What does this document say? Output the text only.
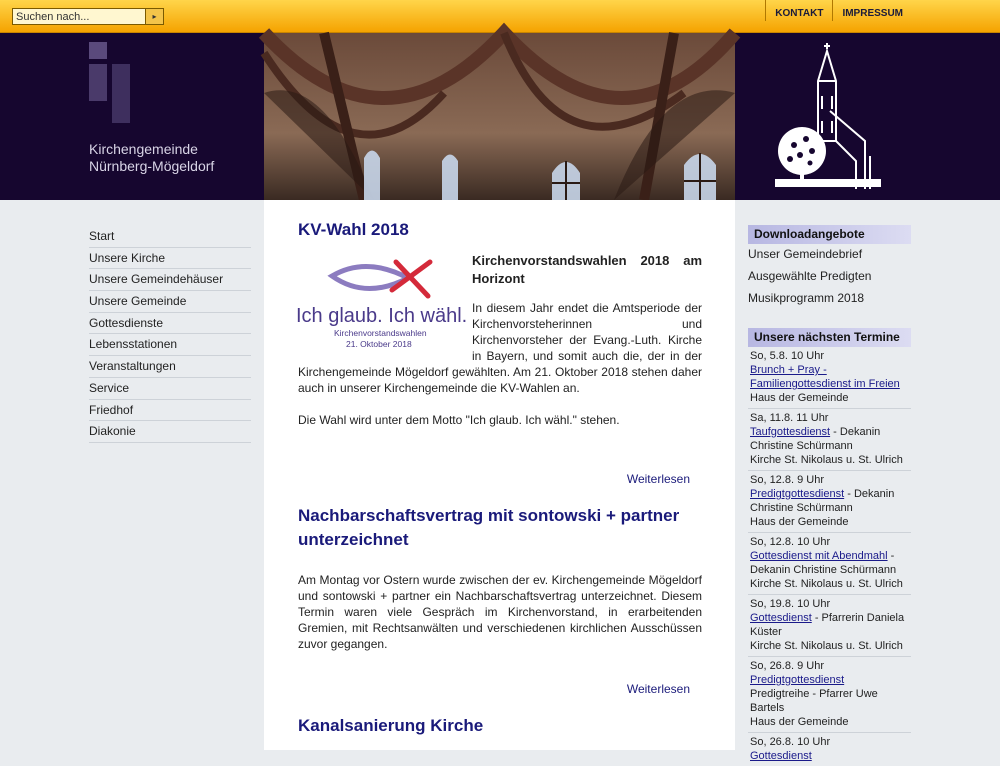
Suchen nach...
▸	KONTAKT	IMPRESSUM
Kirchengemeinde
Nürnberg-Mögeldorf
Start
Unsere Kirche
Unsere Gemeindehäuser
Unsere Gemeinde
Gottesdienste
Lebensstationen
Veranstaltungen
Service
Friedhof
Diakonie
KV-Wahl 2018
Ich glaub. Ich wähl.
Kirchenvorstandswahlen
21. Oktober 2018
Kirchenvorstandswahlen 2018 am Horizont

In diesem Jahr endet die Amtsperiode der Kirchenvorsteherinnen und Kirchenvorsteher der Evang.-Luth. Kirche in Bayern, und somit auch die, der in der Kirchengemeinde Mögeldorf gewählten. Am 21. Oktober 2018 stehen daher auch in unserer Kirchengemeinde die KV-Wahlen an.

Die Wahl wird unter dem Motto "Ich glaub. Ich wähl." stehen.

Weiterlesen
Nachbarschaftsvertrag mit sontowski + partner unterzeichnet

Am Montag vor Ostern wurde zwischen der ev. Kirchengemeinde Mögeldorf und sontowski + partner ein Nachbarschaftsvertrag unterzeichnet. Diesem Termin waren viele Gespräch im Kirchenvorstand, in erarbeitenden Gremien, mit Rechtsanwälten und verschiedenen kirchlichen Ausschüssen zuvor gegangen.

Weiterlesen
Kanalsanierung Kirche
Downloadangebote
Unser Gemeindebrief
Ausgewählte Predigten
Musikprogramm 2018
Unsere nächsten Termine
So, 5.8. 10 Uhr
Brunch + Pray - Familiengottesdienst im Freien
Haus der Gemeinde
Sa, 11.8. 11 Uhr
Taufgottesdienst - Dekanin Christine Schürmann
Kirche St. Nikolaus u. St. Ulrich
So, 12.8. 9 Uhr
Predigtgottesdienst - Dekanin Christine Schürmann
Haus der Gemeinde
So, 12.8. 10 Uhr
Gottesdienst mit Abendmahl - Dekanin Christine Schürmann
Kirche St. Nikolaus u. St. Ulrich
So, 19.8. 10 Uhr
Gottesdienst - Pfarrerin Daniela Küster
Kirche St. Nikolaus u. St. Ulrich
So, 26.8. 9 Uhr
Predigtgottesdienst
Predigtreihe - Pfarrer Uwe Bartels
Haus der Gemeinde
So, 26.8. 10 Uhr
Gottesdienst
